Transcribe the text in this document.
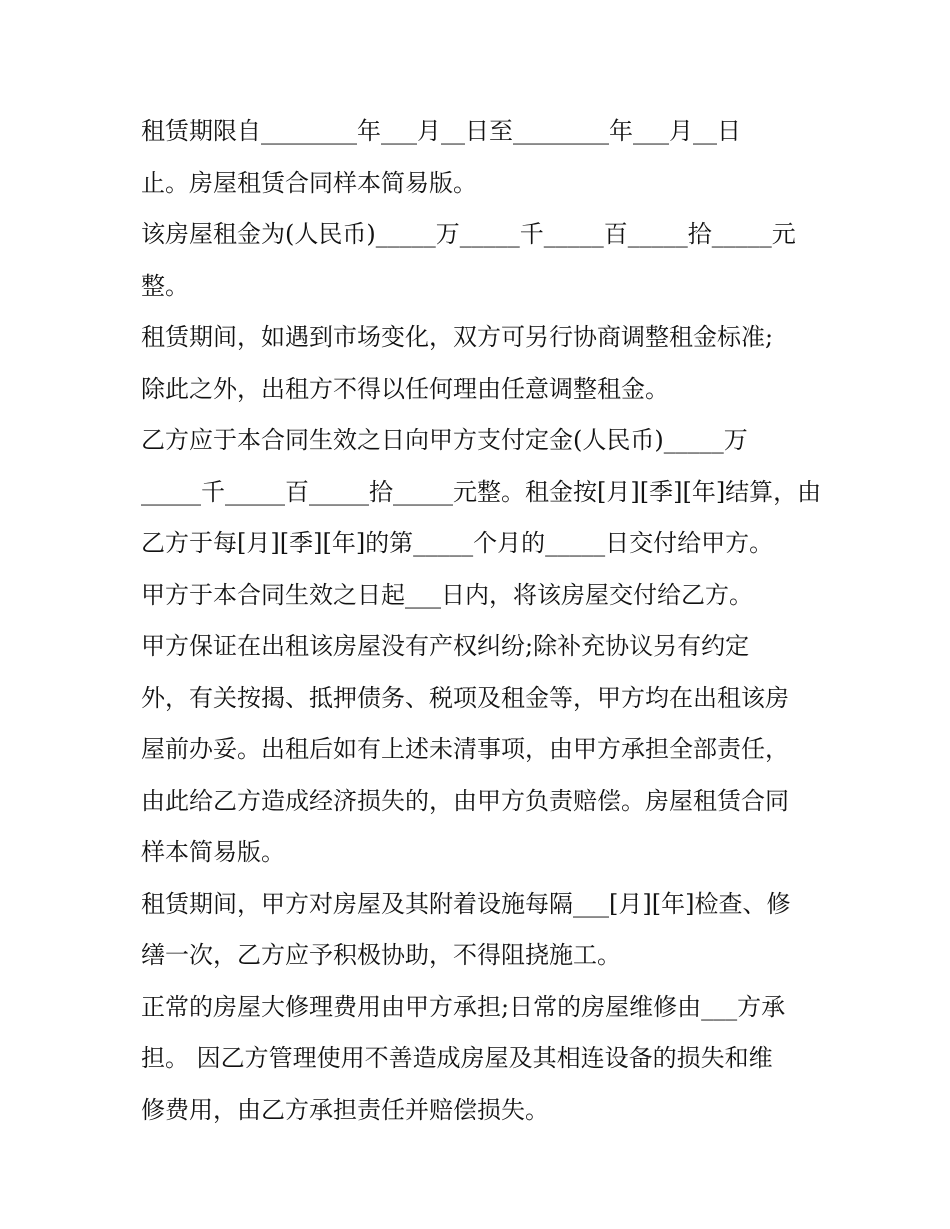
租赁期限自________年___月__日至________年___月__日
止。房屋租赁合同样本简易版。
该房屋租金为(人民币)_____万_____千_____百_____拾_____元
整。
租赁期间，如遇到市场变化，双方可另行协商调整租金标准;
除此之外，出租方不得以任何理由任意调整租金。
乙方应于本合同生效之日向甲方支付定金(人民币)_____万
_____千_____百_____拾_____元整。租金按[月][季][年]结算，由
乙方于每[月][季][年]的第_____个月的_____日交付给甲方。
甲方于本合同生效之日起___日内，将该房屋交付给乙方。
甲方保证在出租该房屋没有产权纠纷;除补充协议另有约定
外，有关按揭、抵押债务、税项及租金等，甲方均在出租该房
屋前办妥。出租后如有上述未清事项，由甲方承担全部责任，
由此给乙方造成经济损失的，由甲方负责赔偿。房屋租赁合同
样本简易版。
租赁期间，甲方对房屋及其附着设施每隔___[月][年]检查、修
缮一次，乙方应予积极协助，不得阻挠施工。
正常的房屋大修理费用由甲方承担;日常的房屋维修由___方承
担。 因乙方管理使用不善造成房屋及其相连设备的损失和维
修费用，由乙方承担责任并赔偿损失。
